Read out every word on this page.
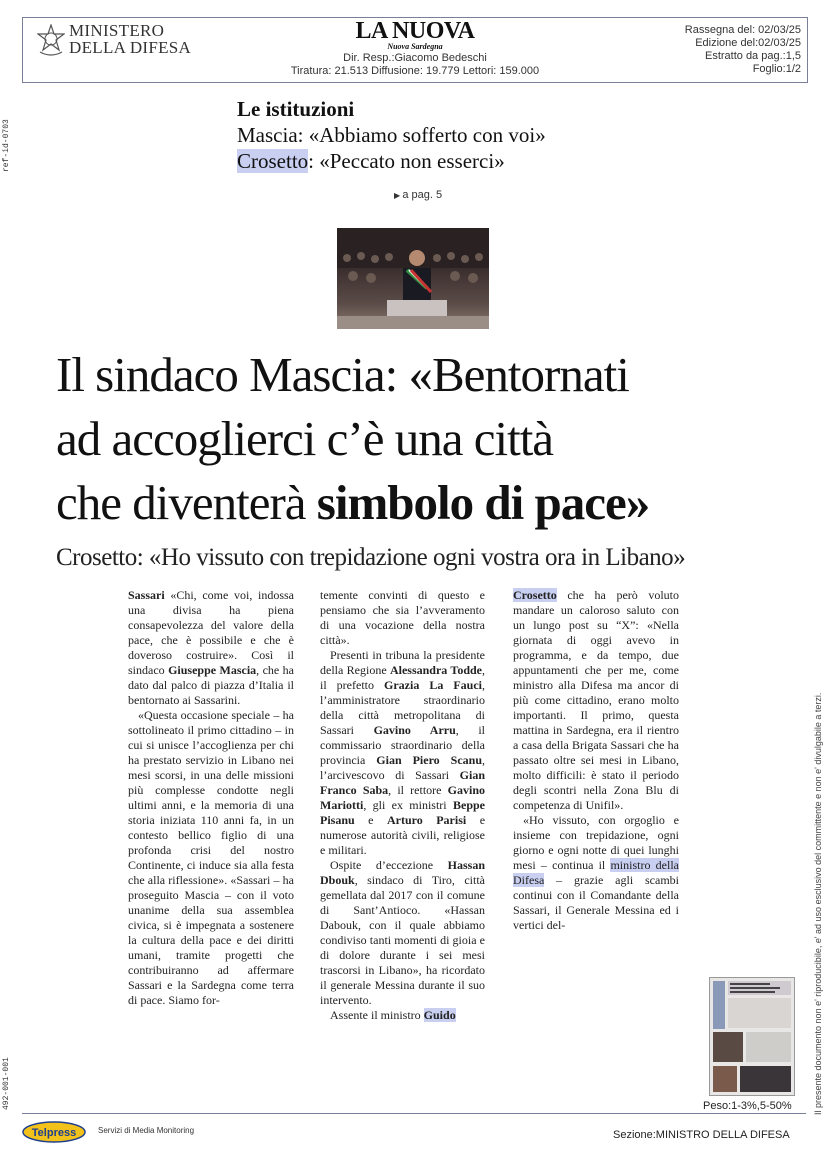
MINISTERO
DELLA DIFESA
LA NUOVA
Nuova Sardegna
Dir. Resp.:Giacomo Bedeschi
Tiratura: 21.513 Diffusione: 19.779 Lettori: 159.000
Rassegna del: 02/03/25
Edizione del:02/03/25
Estratto da pag.:1,5
Foglio:1/2
ref-id-0703
492-001-001	Il presente documento non e' riproducibile, e' ad uso esclusivo del committente e non e' divulgabile a terzi.
Le istituzioni
Mascia: «Abbiamo sofferto con voi»
Crosetto: «Peccato non esserci»
▶ a pag. 5
Il sindaco Mascia: «Bentornati
ad accoglierci c’è una città
che diventerà simbolo di pace»
Crosetto: «Ho vissuto con trepidazione ogni vostra ora in Libano»

Sassari «Chi, come voi, indossa una divisa ha piena consapevolezza del valore della pace, che è possibile e che è doveroso costruire». Così il sindaco Giuseppe Mascia, che ha dato dal palco di piazza d’Italia il bentornato ai Sassarini.

«Questa occasione speciale – ha sottolineato il primo cittadino – in cui si unisce l’accoglienza per chi ha prestato servizio in Libano nei mesi scorsi, in una delle missioni più complesse condotte negli ultimi anni, e la memoria di una storia iniziata 110 anni fa, in un contesto bellico figlio di una profonda crisi del nostro Continente, ci induce sia alla festa che alla riflessione». «Sassari – ha proseguito Mascia – con il voto unanime della sua assemblea civica, si è impegnata a sostenere la cultura della pace e dei diritti umani, tramite progetti che contribuiranno ad affermare Sassari e la Sardegna come terra di pace. Siamo for-

temente convinti di questo e pensiamo che sia l’avveramento di una vocazione della nostra città».

Presenti in tribuna la presidente della Regione Alessandra Todde, il prefetto Grazia La Fauci, l’amministratore straordinario della città metropolitana di Sassari Gavino Arru, il commissario straordinario della provincia Gian Piero Scanu, l’arcivescovo di Sassari Gian Franco Saba, il rettore Gavino Mariotti, gli ex ministri Beppe Pisanu e Arturo Parisi e numerose autorità civili, religiose e militari.

Ospite d’eccezione Hassan Dbouk, sindaco di Tiro, città gemellata dal 2017 con il comune di Sant’Antioco. «Hassan Dabouk, con il quale abbiamo condiviso tanti momenti di gioia e di dolore durante i sei mesi trascorsi in Libano», ha ricordato il generale Messina durante il suo intervento.

Assente il ministro Guido

Crosetto che ha però voluto mandare un caloroso saluto con un lungo post su “X”: «Nella giornata di oggi avevo in programma, e da tempo, due appuntamenti che per me, come ministro alla Difesa ma ancor di più come cittadino, erano molto importanti. Il primo, questa mattina in Sardegna, era il rientro a casa della Brigata Sassari che ha passato oltre sei mesi in Libano, molto difficili: è stato il periodo degli scontri nella Zona Blu di competenza di Unifil».

«Ho vissuto, con orgoglio e insieme con trepidazione, ogni giorno e ogni notte di quei lunghi mesi – continua il ministro della Difesa – grazie agli scambi continui con il Comandante della Sassari, il Generale Messina ed i vertici del-

Peso:1-3%,5-50%
Telpress	Servizi di Media Monitoring	Sezione:MINISTRO DELLA DIFESA
